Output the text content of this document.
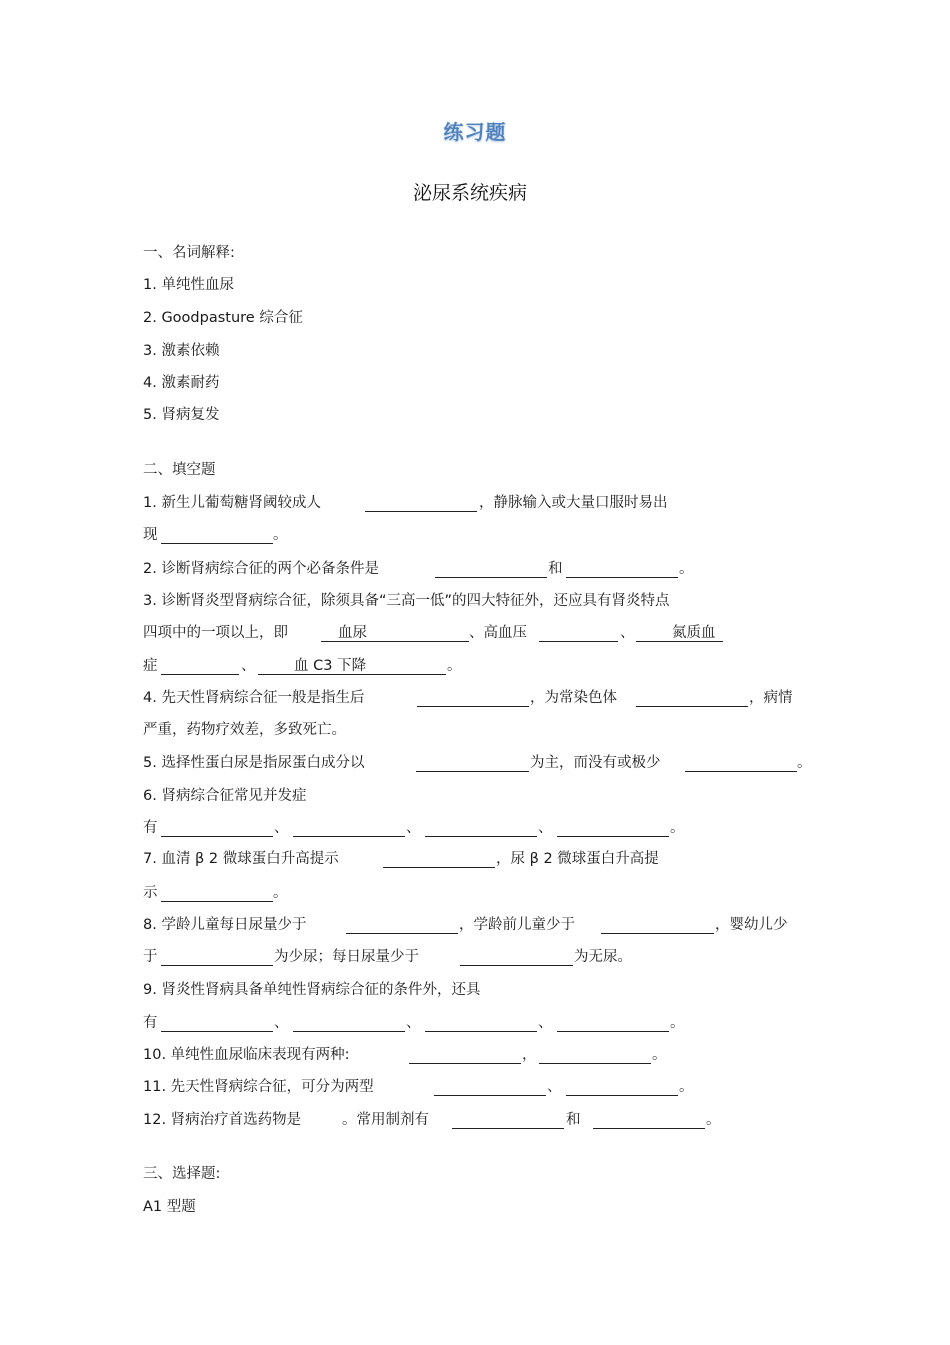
练习题
泌尿系统疾病
一、名词解释:
1. 单纯性血尿
2. Goodpasture 综合征
3. 激素依赖
4. 激素耐药
5. 肾病复发
二、填空题
1. 新生儿葡萄糖肾阈较成人	，静脉输入或大量口服时易出
现	。
2. 诊断肾病综合征的两个必备条件是	和	。
3. 诊断肾炎型肾病综合征，除须具备“三高一低”的四大特征外，还应具有肾炎特点
四项中的一项以上，即	血尿	、高血压	、	氮质血
症	、	血 C3 下降	。
4. 先天性肾病综合征一般是指生后	，为常染色体	，病情
严重，药物疗效差，多致死亡。
5. 选择性蛋白尿是指尿蛋白成分以	为主，而没有或极少	。
6. 肾病综合征常见并发症
有	、	、	、	。
7. 血清 β 2 微球蛋白升高提示	，尿 β 2 微球蛋白升高提
示	。
8. 学龄儿童每日尿量少于	，学龄前儿童少于	，婴幼儿少
于	为少尿；每日尿量少于	为无尿。
9. 肾炎性肾病具备单纯性肾病综合征的条件外，还具
有	、	、	、	。
10. 单纯性血尿临床表现有两种:	，	。
11. 先天性肾病综合征，可分为两型	、	。
12. 肾病治疗首选药物是	。常用制剂有	和	。
三、选择题:
A1 型题
